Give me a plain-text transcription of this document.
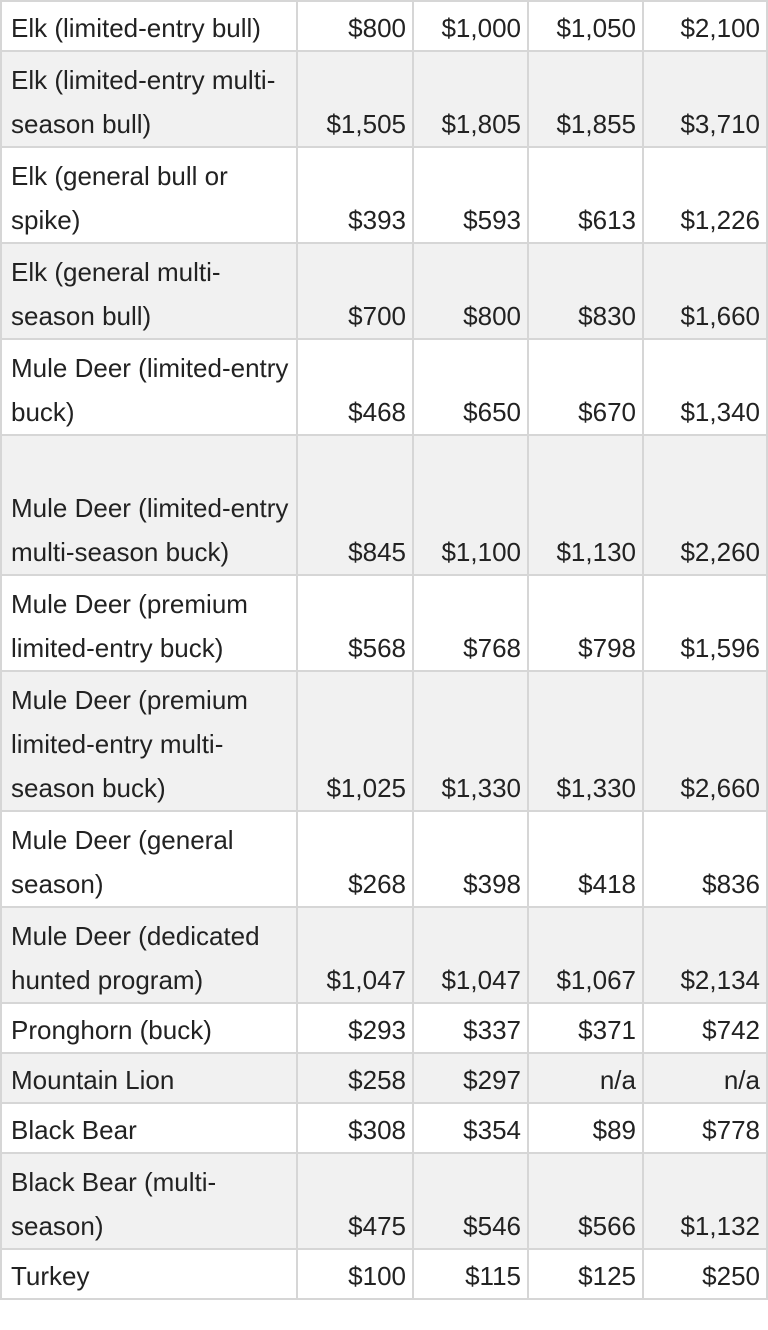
Elk (limited-entry bull)	$800	$1,000	$1,050	$2,100
Elk (limited-entry multi-season bull)	$1,505	$1,805	$1,855	$3,710
Elk (general bull or spike)	$393	$593	$613	$1,226
Elk (general multi-season bull)	$700	$800	$830	$1,660
Mule Deer (limited-entry buck)	$468	$650	$670	$1,340
Mule Deer (limited-entry multi-season buck)	$845	$1,100	$1,130	$2,260
Mule Deer (premium limited-entry buck)	$568	$768	$798	$1,596
Mule Deer (premium limited-entry multi-season buck)	$1,025	$1,330	$1,330	$2,660
Mule Deer (general season)	$268	$398	$418	$836
Mule Deer (dedicated hunted program)	$1,047	$1,047	$1,067	$2,134
Pronghorn (buck)	$293	$337	$371	$742
Mountain Lion	$258	$297	n/a	n/a
Black Bear	$308	$354	$89	$778
Black Bear (multi-season)	$475	$546	$566	$1,132
Turkey	$100	$115	$125	$250
